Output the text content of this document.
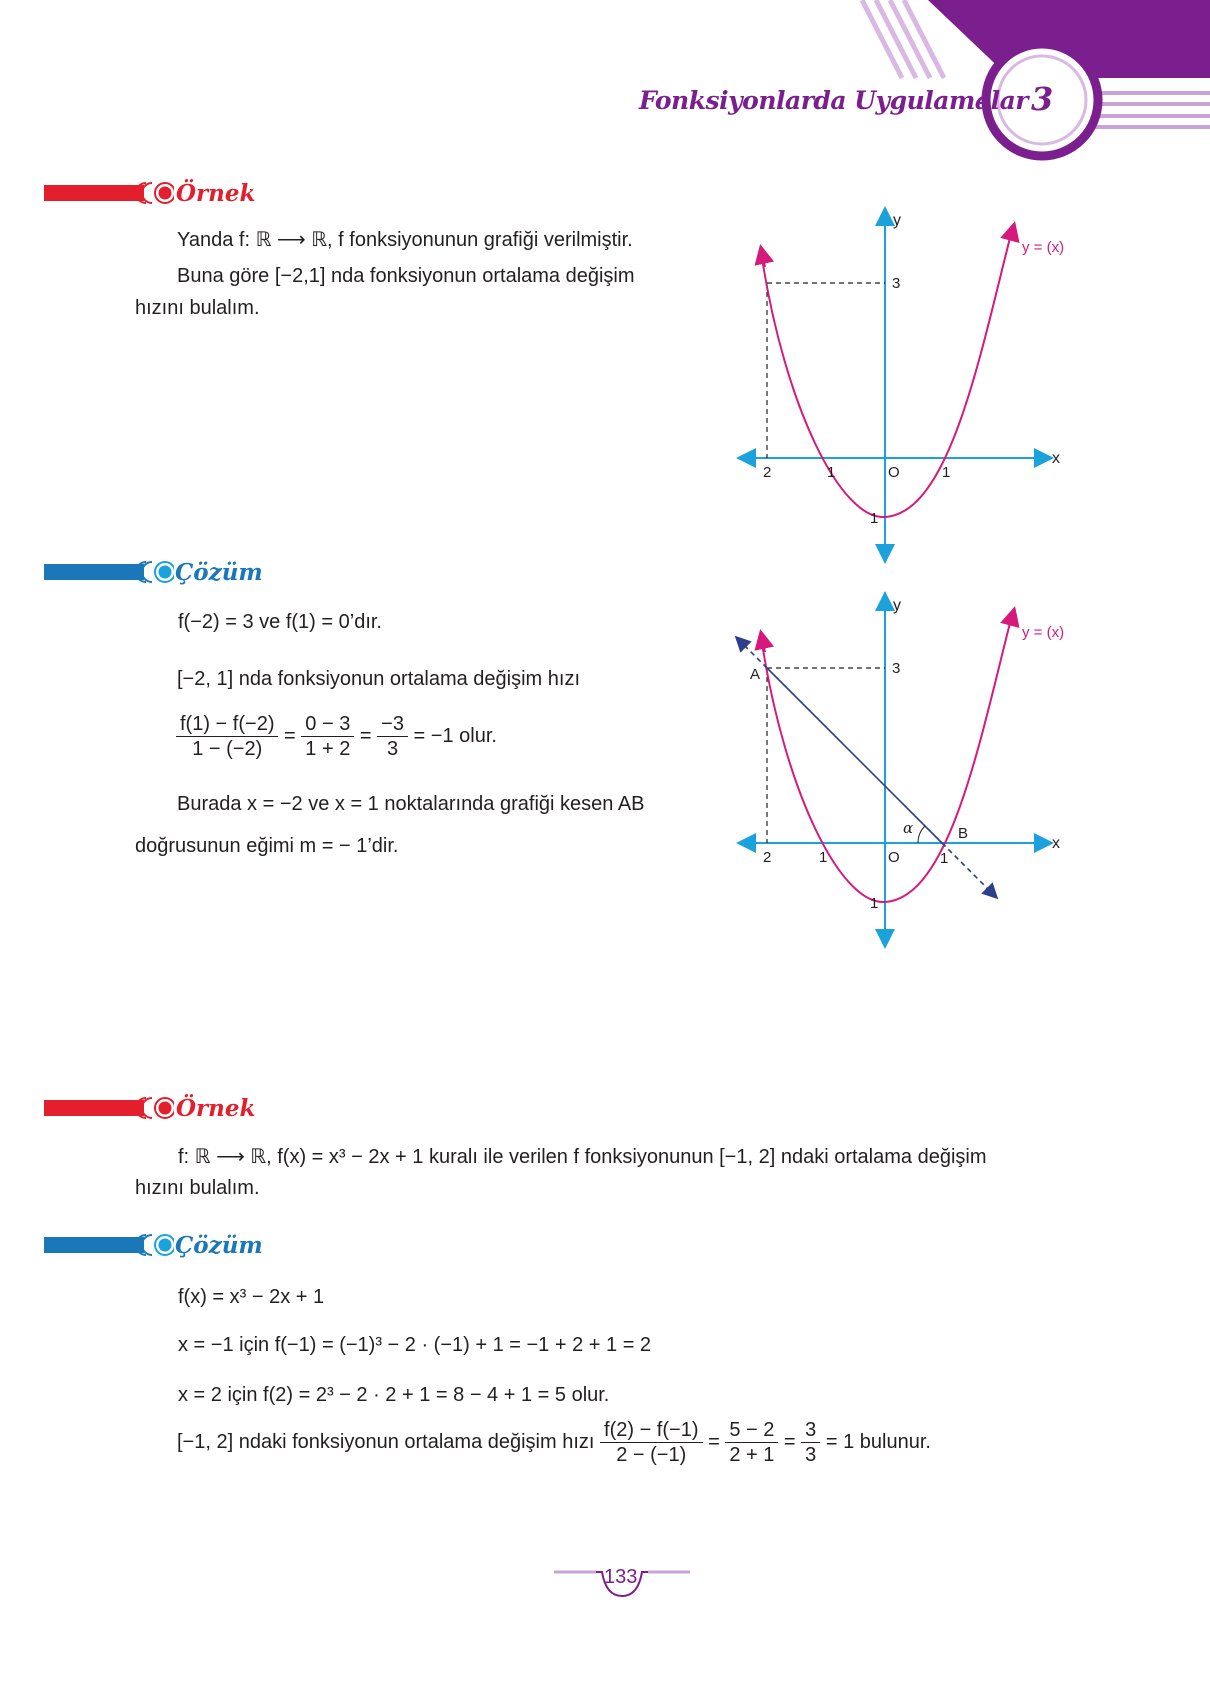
Fonksiyonlarda Uygulamalar 3
Örnek
Yanda f: ℝ ⟶ ℝ, f fonksiyonunun grafiği verilmiştir.
Buna göre [−2,1] nda fonksiyonun ortalama değişim
hızını bulalım.
y
x
y = (x)
3
2	1	O	1
1
Çözüm
f(−2) = 3 ve f(1) = 0’dır.
[−2, 1] nda fonksiyonun ortalama değişim hızı
$\frac{f(1) - f(-2)}{1 - (-2)} = \frac{0 - 3}{1 + 2} = \frac{-3}{3} = -1$ olur.
Burada x = −2 ve x = 1 noktalarında grafiği kesen AB
doğrusunun eğimi m = − 1’dir.
y
x
y = (x)
3
A
B
α
2	1	O	1
1
Örnek
f: ℝ ⟶ ℝ, f(x) = x³ − 2x + 1 kuralı ile verilen f fonksiyonunun [−1, 2] ndaki ortalama değişim
hızını bulalım.
Çözüm
f(x) = x³ − 2x + 1
x = −1 için f(−1) = (−1)³ − 2 · (−1) + 1 = −1 + 2 + 1 = 2
x = 2 için f(2) = 2³ − 2 · 2 + 1 = 8 − 4 + 1 = 5 olur.
[−1, 2] ndaki fonksiyonun ortalama değişim hızı $\frac{f(2) - f(-1)}{2 - (-1)} = \frac{5 - 2}{2 + 1} = \frac{3}{3} = 1$ bulunur.
133
